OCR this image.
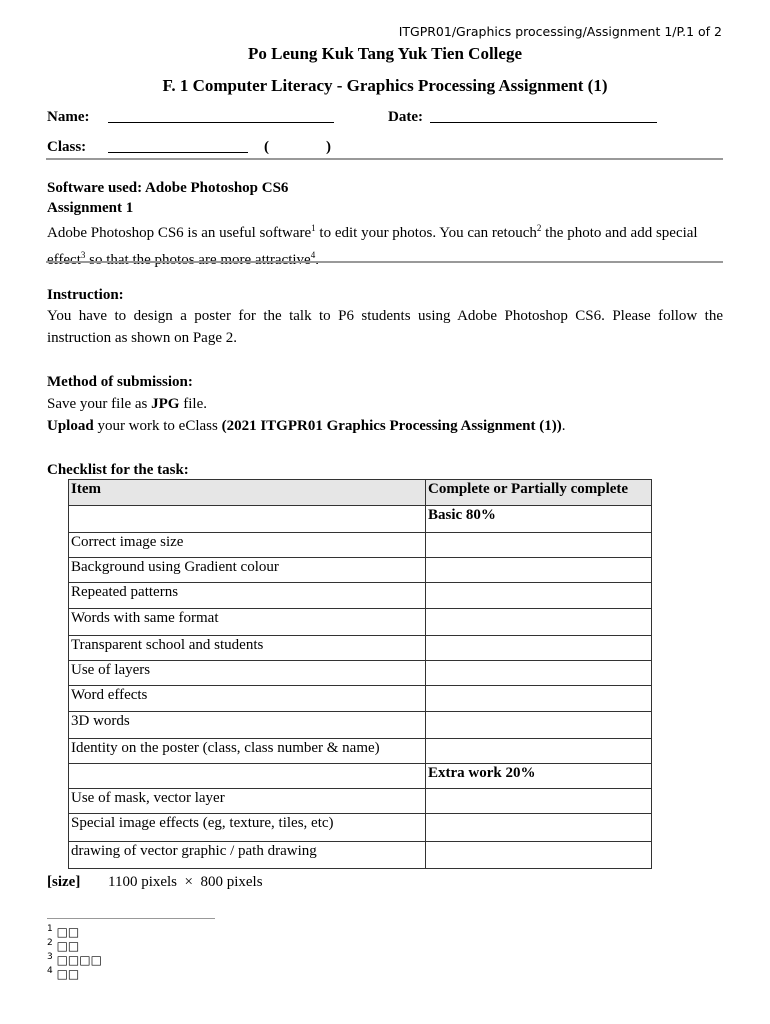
ITGPR01/Graphics processing/Assignment 1/P.1 of 2
Po Leung Kuk Tang Yuk Tien College
F. 1 Computer Literacy - Graphics Processing Assignment (1)
Name:	Date:
Class:	(	)
Software used: Adobe Photoshop CS6
Assignment 1
Adobe Photoshop CS6 is an useful software$^1$ to edit your photos. You can retouch$^2$ the photo and add special effect$^3$ so that the photos are more attractive$^4$.
Instruction:
You have to design a poster for the talk to P6 students using Adobe Photoshop CS6. Please follow the instruction as shown on Page 2.
Method of submission:
Save your file as JPG file.
Upload your work to eClass (2021 ITGPR01 Graphics Processing Assignment (1)).
Checklist for the task:
Item	Complete or Partially complete
	Basic 80%
Correct image size	
Background using Gradient colour	
Repeated patterns	
Words with same format	
Transparent school and students	
Use of layers	
Word effects	
3D words	
Identity on the poster (class, class number & name)	
	Extra work 20%
Use of mask, vector layer	
Special image effects (eg, texture, tiles, etc)	
drawing of vector graphic / path drawing	
[size] 1100 pixels  ×  800 pixels
$^1$ □□
$^2$ □□
$^3$ □□□□
$^4$ □□
